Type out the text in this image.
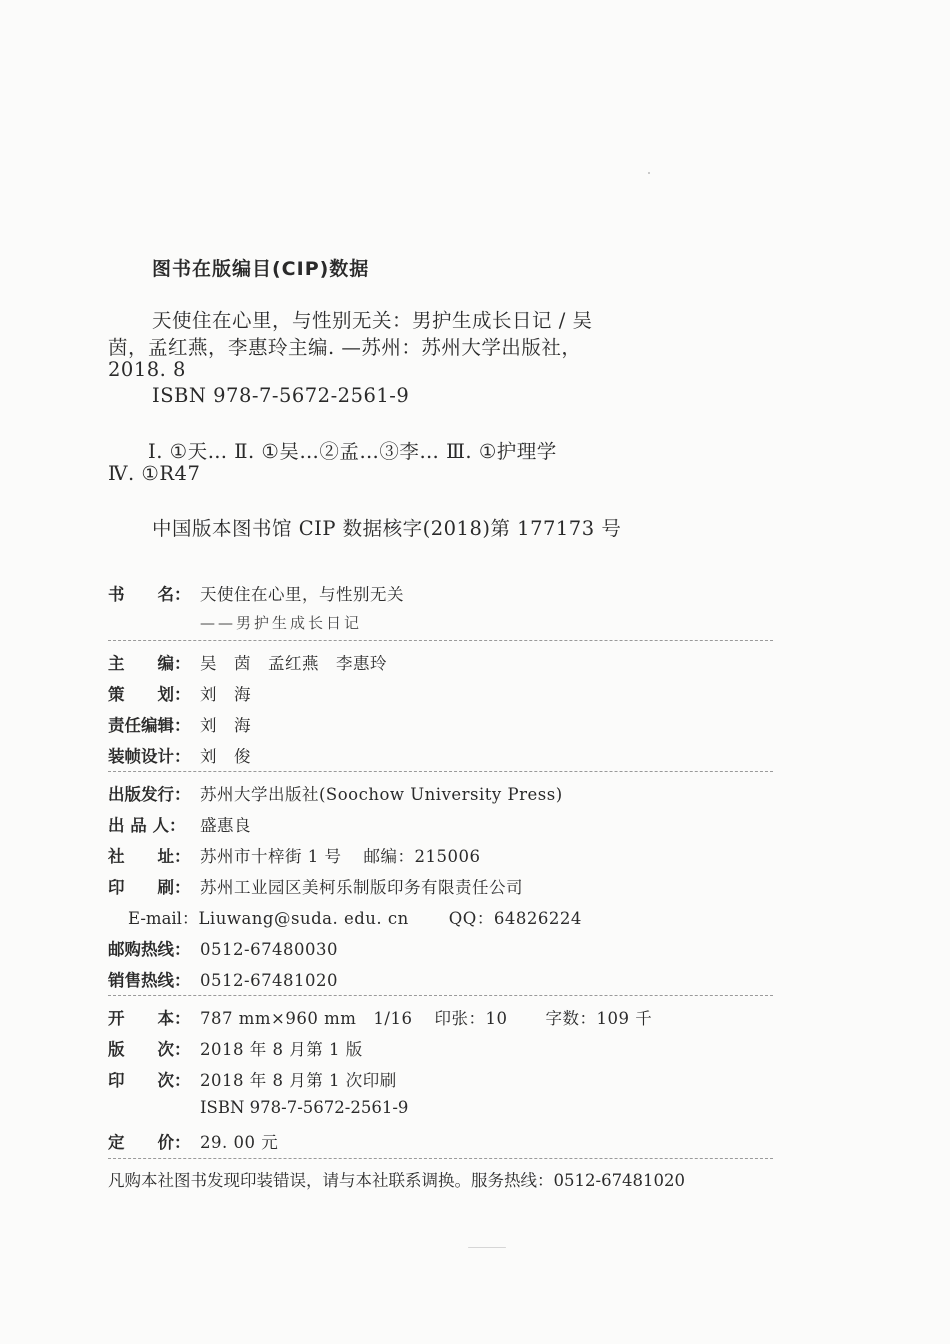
图书在版编目(CIP)数据
天使住在心里，与性别无关：男护生成长日记 / 吴
茵，孟红燕，李惠玲主编. —苏州：苏州大学出版社，
2018. 8
ISBN 978-7-5672-2561-9
Ⅰ. ①天… Ⅱ. ①吴…②孟…③李… Ⅲ. ①护理学
Ⅳ. ①R47
中国版本图书馆 CIP 数据核字(2018)第 177173 号
书　　名： 天使住在心里，与性别无关
——男护生成长日记
主　　编： 吴　茵　孟红燕　李惠玲
策　　划： 刘　海
责任编辑： 刘　海
装帧设计： 刘　俊
出版发行： 苏州大学出版社(Soochow University Press)
出 品 人： 盛惠良
社　　址： 苏州市十梓街 1 号 邮编：215006
印　　刷： 苏州工业园区美柯乐制版印务有限责任公司
E-mail：Liuwang@suda. edu. cn QQ：64826224
邮购热线： 0512-67480030
销售热线： 0512-67481020
开　　本： 787 mm×960 mm　1/16 印张：10 字数：109 千
版　　次： 2018 年 8 月第 1 版
印　　次： 2018 年 8 月第 1 次印刷
ISBN 978-7-5672-2561-9
定　　价： 29. 00 元
凡购本社图书发现印装错误，请与本社联系调换。服务热线：0512-67481020
